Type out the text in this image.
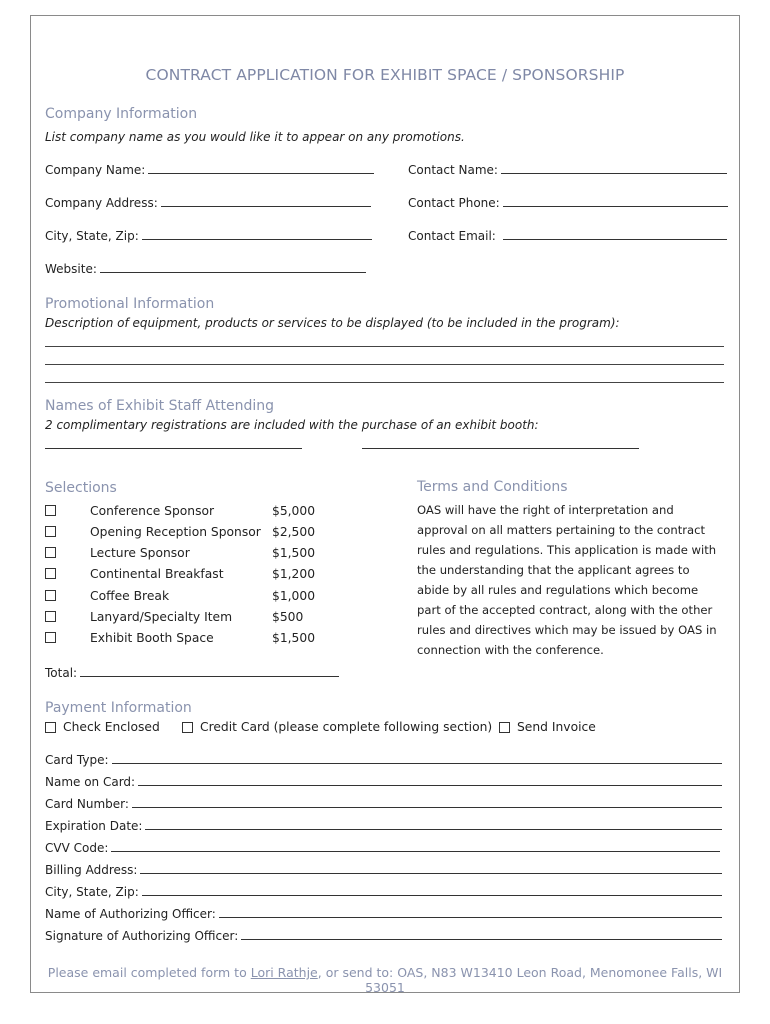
CONTRACT APPLICATION FOR EXHIBIT SPACE / SPONSORSHIP
Company Information
List company name as you would like it to appear on any promotions.
Company Name:	Contact Name:
Company Address:	Contact Phone:
City, State, Zip:	Contact Email:
Website:
Promotional Information
Description of equipment, products or services to be displayed (to be included in the program):
Names of Exhibit Staff Attending
2 complimentary registrations are included with the purchase of an exhibit booth:
Selections
Conference Sponsor	$5,000
Opening Reception Sponsor $2,500
Lecture Sponsor	$1,500
Continental Breakfast	$1,200
Coffee Break	$1,000
Lanyard/Specialty Item	$500
Exhibit Booth Space	$1,500
Total:
Terms and Conditions
OAS will have the right of interpretation and approval on all matters pertaining to the contract rules and regulations. This application is made with the understanding that the applicant agrees to abide by all rules and regulations which become part of the accepted contract, along with the other rules and directives which may be issued by OAS in connection with the conference.
Payment Information
Check Enclosed	Credit Card (please complete following section) Send Invoice
Card Type:
Name on Card:
Card Number:
Expiration Date:
CVV Code:
Billing Address:
City, State, Zip:
Name of Authorizing Officer:
Signature of Authorizing Officer:
Please email completed form to Lori Rathje, or send to: OAS, N83 W13410 Leon Road, Menomonee Falls, WI 53051
